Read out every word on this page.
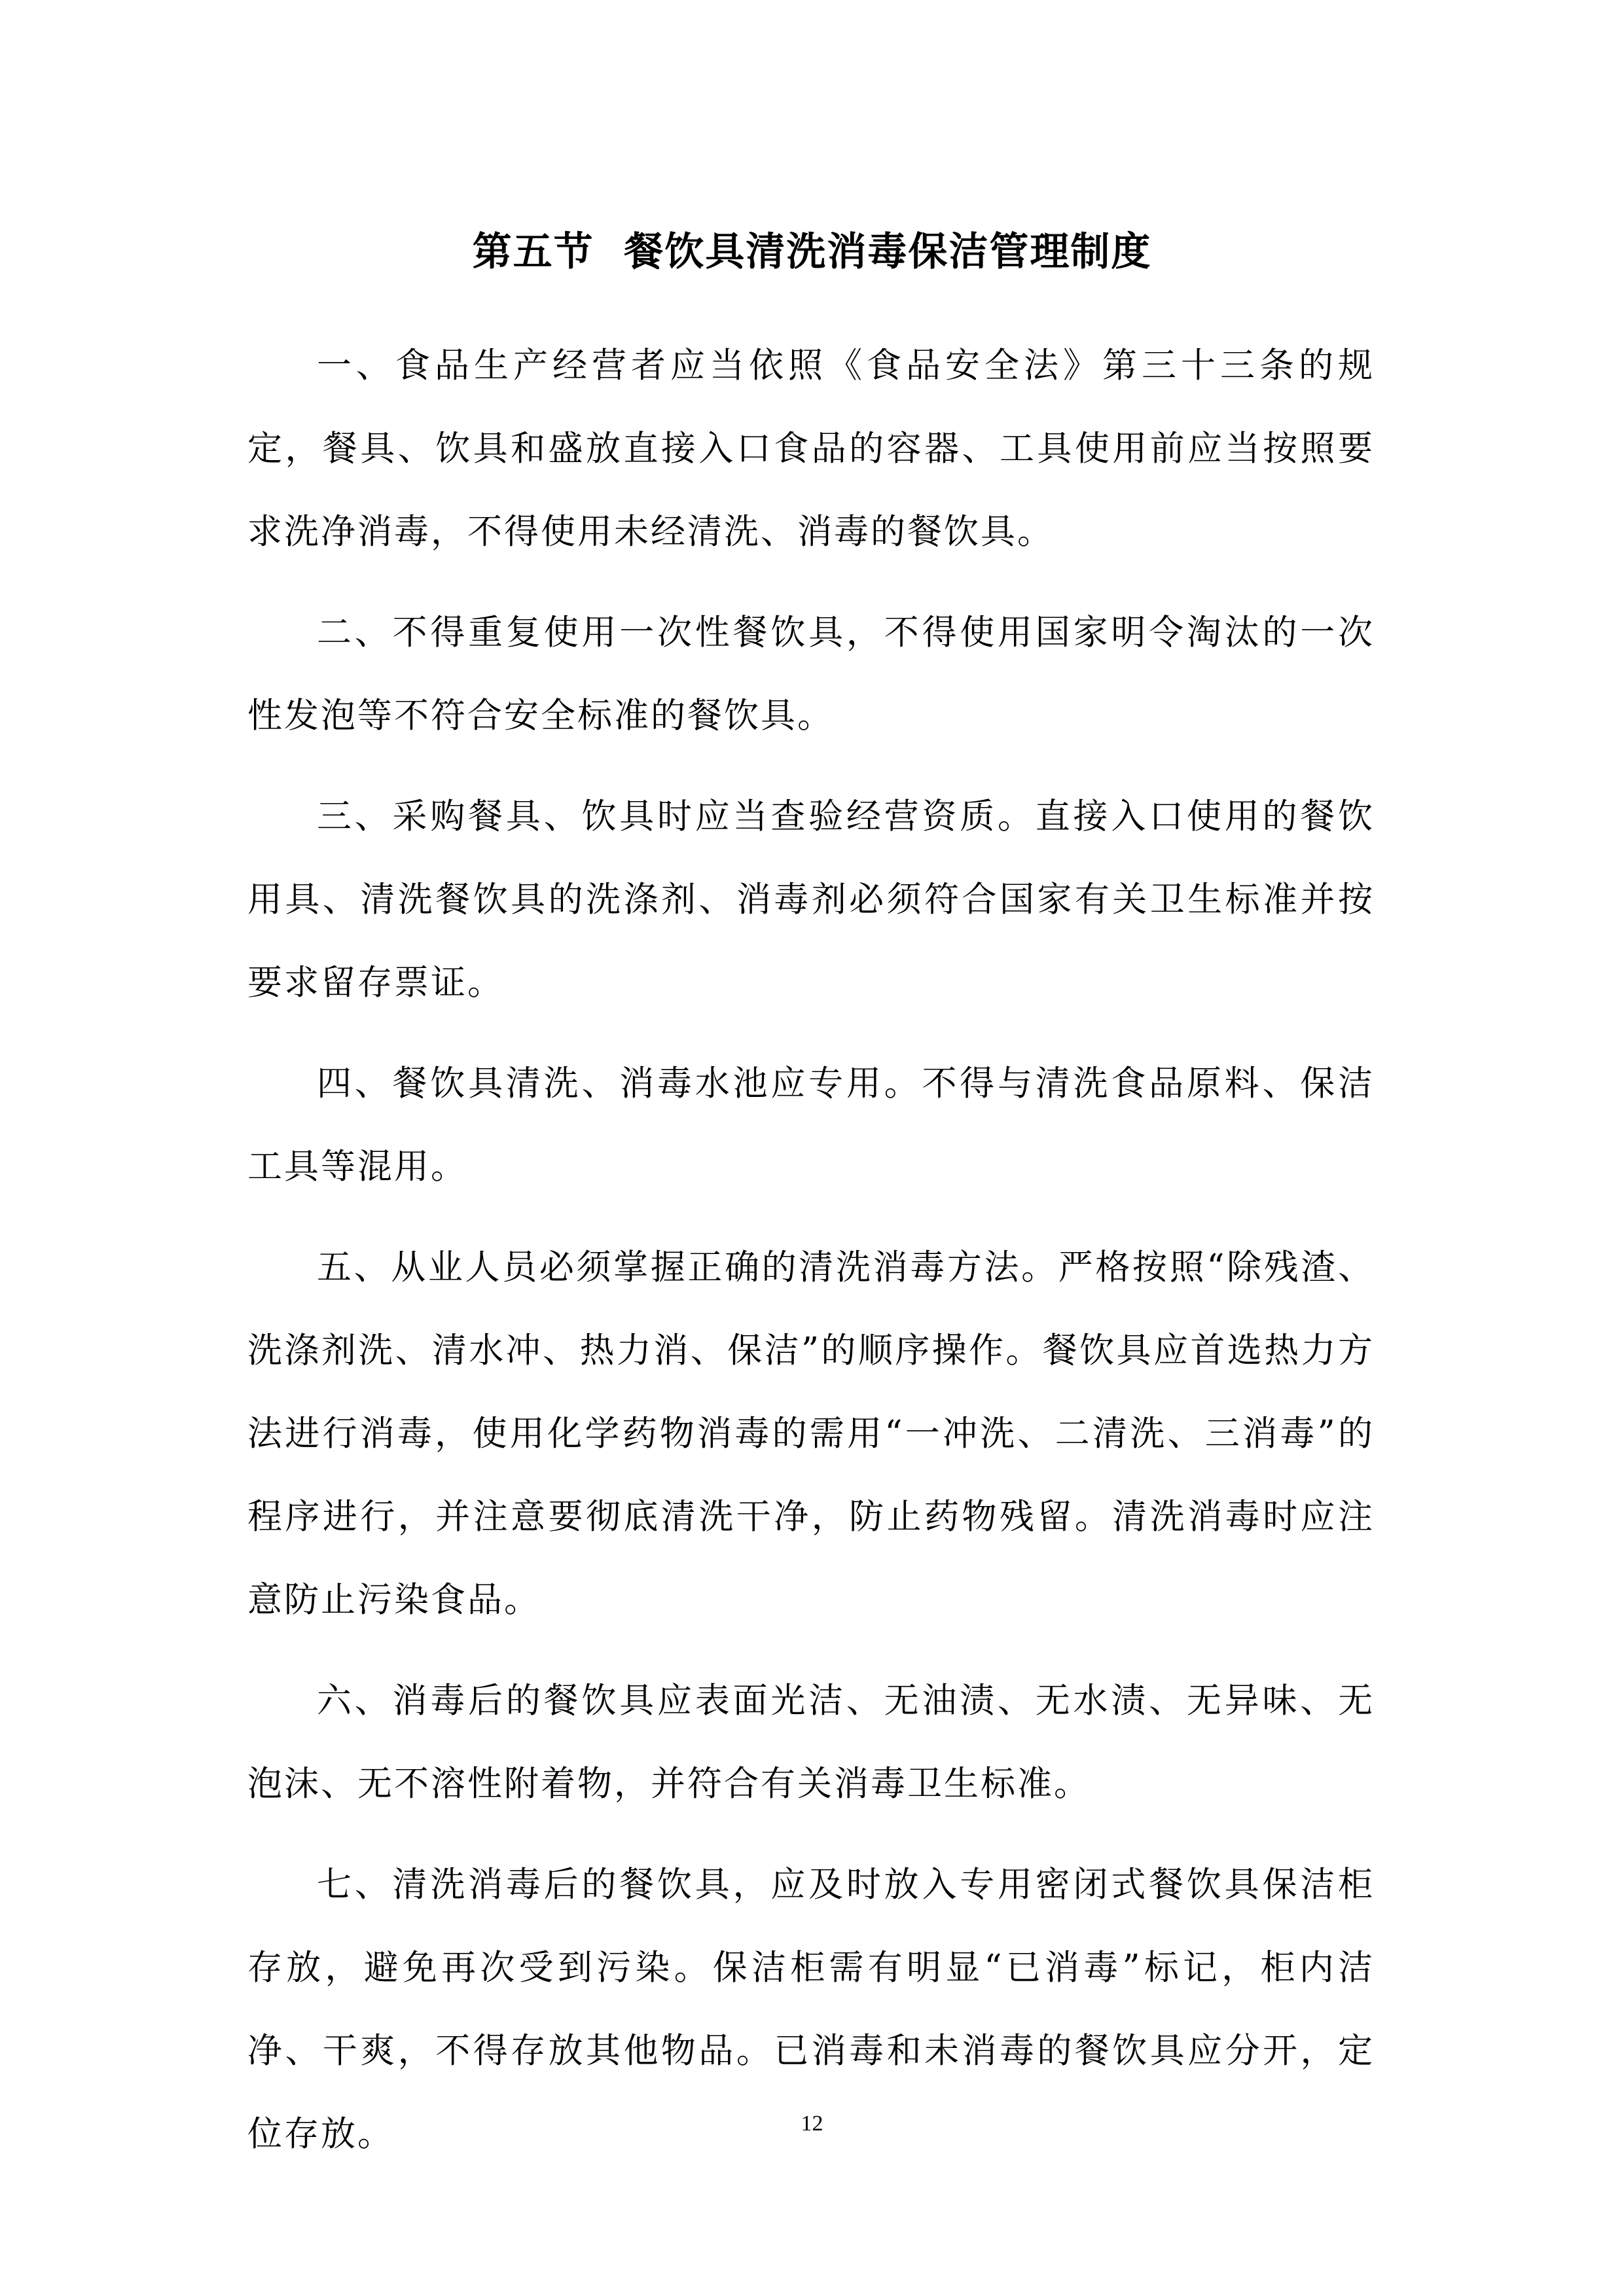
第五节  餐饮具清洗消毒保洁管理制度

一、食品生产经营者应当依照《食品安全法》第三十三条的规定，餐具、饮具和盛放直接入口食品的容器、工具使用前应当按照要求洗净消毒，不得使用未经清洗、消毒的餐饮具。

二、不得重复使用一次性餐饮具，不得使用国家明令淘汰的一次性发泡等不符合安全标准的餐饮具。

三、采购餐具、饮具时应当查验经营资质。直接入口使用的餐饮用具、清洗餐饮具的洗涤剂、消毒剂必须符合国家有关卫生标准并按要求留存票证。

四、餐饮具清洗、消毒水池应专用。不得与清洗食品原料、保洁工具等混用。

五、从业人员必须掌握正确的清洗消毒方法。严格按照“除残渣、洗涤剂洗、清水冲、热力消、保洁”的顺序操作。餐饮具应首选热力方法进行消毒，使用化学药物消毒的需用“一冲洗、二清洗、三消毒”的程序进行，并注意要彻底清洗干净，防止药物残留。清洗消毒时应注意防止污染食品。

六、消毒后的餐饮具应表面光洁、无油渍、无水渍、无异味、无泡沫、无不溶性附着物，并符合有关消毒卫生标准。

七、清洗消毒后的餐饮具，应及时放入专用密闭式餐饮具保洁柜存放，避免再次受到污染。保洁柜需有明显“已消毒”标记，柜内洁净、干爽，不得存放其他物品。已消毒和未消毒的餐饮具应分开，定位存放。	12
